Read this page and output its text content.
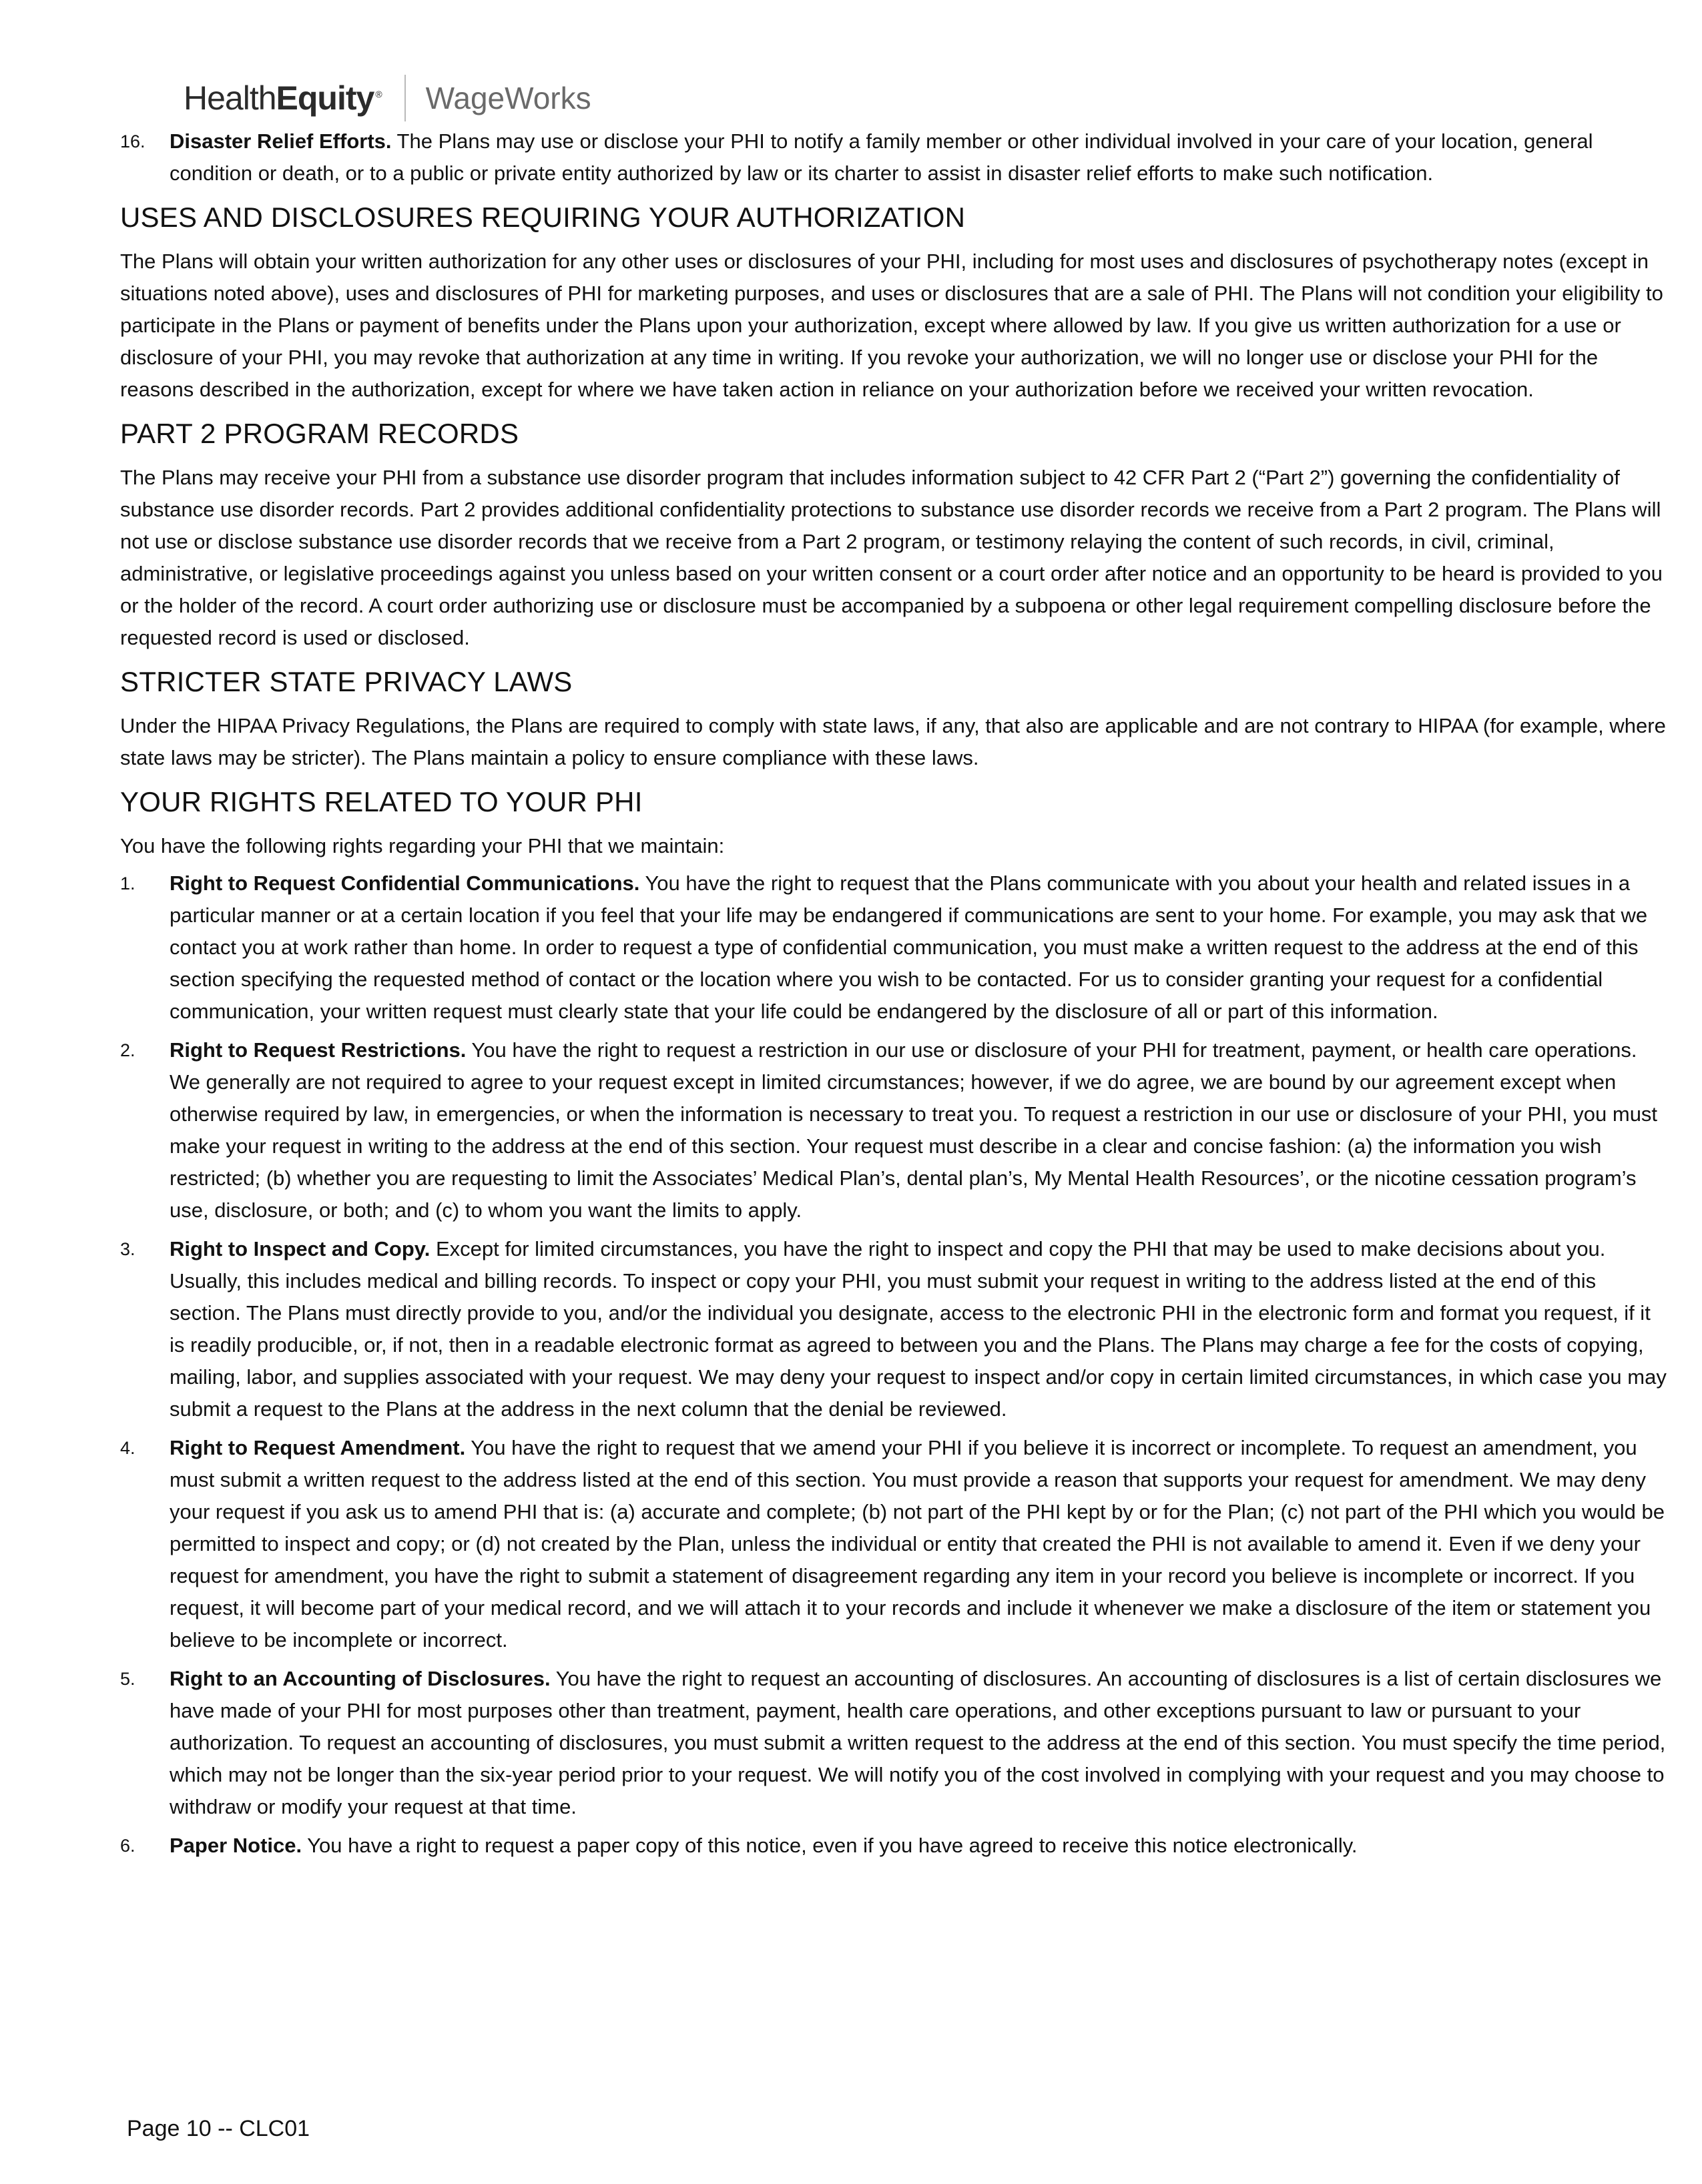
HealthEquity ® WageWorks
16. Disaster Relief Efforts. The Plans may use or disclose your PHI to notify a family member or other individual involved in your care of your location, general condition or death, or to a public or private entity authorized by law or its charter to assist in disaster relief efforts to make such notification.
USES AND DISCLOSURES REQUIRING YOUR AUTHORIZATION

The Plans will obtain your written authorization for any other uses or disclosures of your PHI, including for most uses and disclosures of psychotherapy notes (except in situations noted above), uses and disclosures of PHI for marketing purposes, and uses or disclosures that are a sale of PHI. The Plans will not condition your eligibility to participate in the Plans or payment of benefits under the Plans upon your authorization, except where allowed by law. If you give us written authorization for a use or disclosure of your PHI, you may revoke that authorization at any time in writing. If you revoke your authorization, we will no longer use or disclose your PHI for the reasons described in the authorization, except for where we have taken action in reliance on your authorization before we received your written revocation.

PART 2 PROGRAM RECORDS

The Plans may receive your PHI from a substance use disorder program that includes information subject to 42 CFR Part 2 (“Part 2”) governing the confidentiality of substance use disorder records. Part 2 provides additional confidentiality protections to substance use disorder records we receive from a Part 2 program. The Plans will not use or disclose substance use disorder records that we receive from a Part 2 program, or testimony relaying the content of such records, in civil, criminal, administrative, or legislative proceedings against you unless based on your written consent or a court order after notice and an opportunity to be heard is provided to you or the holder of the record. A court order authorizing use or disclosure must be accompanied by a subpoena or other legal requirement compelling disclosure before the requested record is used or disclosed.

STRICTER STATE PRIVACY LAWS

Under the HIPAA Privacy Regulations, the Plans are required to comply with state laws, if any, that also are applicable and are not contrary to HIPAA (for example, where state laws may be stricter). The Plans maintain a policy to ensure compliance with these laws.

YOUR RIGHTS RELATED TO YOUR PHI

You have the following rights regarding your PHI that we maintain:

1. Right to Request Confidential Communications. You have the right to request that the Plans communicate with you about your health and related issues in a particular manner or at a certain location if you feel that your life may be endangered if communications are sent to your home. For example, you may ask that we contact you at work rather than home. In order to request a type of confidential communication, you must make a written request to the address at the end of this section specifying the requested method of contact or the location where you wish to be contacted. For us to consider granting your request for a confidential communication, your written request must clearly state that your life could be endangered by the disclosure of all or part of this information.
2. Right to Request Restrictions. You have the right to request a restriction in our use or disclosure of your PHI for treatment, payment, or health care operations. We generally are not required to agree to your request except in limited circumstances; however, if we do agree, we are bound by our agreement except when otherwise required by law, in emergencies, or when the information is necessary to treat you. To request a restriction in our use or disclosure of your PHI, you must make your request in writing to the address at the end of this section. Your request must describe in a clear and concise fashion: (a) the information you wish restricted; (b) whether you are requesting to limit the Associates’ Medical Plan’s, dental plan’s, My Mental Health Resources’, or the nicotine cessation program’s use, disclosure, or both; and (c) to whom you want the limits to apply.
3. Right to Inspect and Copy. Except for limited circumstances, you have the right to inspect and copy the PHI that may be used to make decisions about you. Usually, this includes medical and billing records. To inspect or copy your PHI, you must submit your request in writing to the address listed at the end of this section. The Plans must directly provide to you, and/or the individual you designate, access to the electronic PHI in the electronic form and format you request, if it is readily producible, or, if not, then in a readable electronic format as agreed to between you and the Plans. The Plans may charge a fee for the costs of copying, mailing, labor, and supplies associated with your request. We may deny your request to inspect and/or copy in certain limited circumstances, in which case you may submit a request to the Plans at the address in the next column that the denial be reviewed.
4. Right to Request Amendment. You have the right to request that we amend your PHI if you believe it is incorrect or incomplete. To request an amendment, you must submit a written request to the address listed at the end of this section. You must provide a reason that supports your request for amendment. We may deny your request if you ask us to amend PHI that is: (a) accurate and complete; (b) not part of the PHI kept by or for the Plan; (c) not part of the PHI which you would be permitted to inspect and copy; or (d) not created by the Plan, unless the individual or entity that created the PHI is not available to amend it. Even if we deny your request for amendment, you have the right to submit a statement of disagreement regarding any item in your record you believe is incomplete or incorrect. If you request, it will become part of your medical record, and we will attach it to your records and include it whenever we make a disclosure of the item or statement you believe to be incomplete or incorrect.
5. Right to an Accounting of Disclosures. You have the right to request an accounting of disclosures. An accounting of disclosures is a list of certain disclosures we have made of your PHI for most purposes other than treatment, payment, health care operations, and other exceptions pursuant to law or pursuant to your authorization. To request an accounting of disclosures, you must submit a written request to the address at the end of this section. You must specify the time period, which may not be longer than the six-year period prior to your request. We will notify you of the cost involved in complying with your request and you may choose to withdraw or modify your request at that time.
6. Paper Notice. You have a right to request a paper copy of this notice, even if you have agreed to receive this notice electronically.
Page 10 -- CLC01
